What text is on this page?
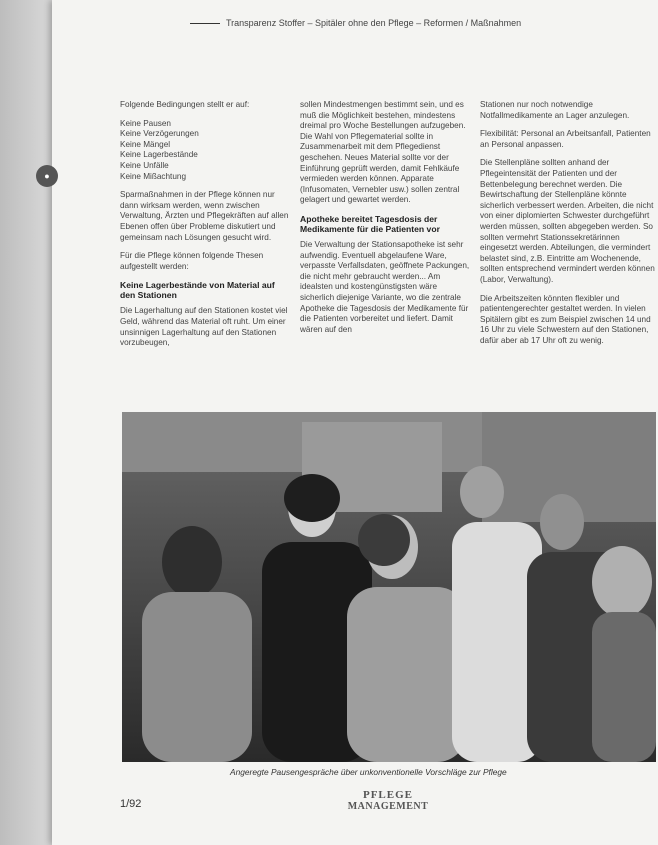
Transparenz Stoffer – Spitäler ohne den Pflege – Reformen / Maßnahmen
●

Folgende Bedingungen stellt er auf:

Keine Pausen
Keine Verzögerungen
Keine Mängel
Keine Lagerbestände
Keine Unfälle
Keine Mißachtung

Sparmaßnahmen in der Pflege können nur dann wirksam werden, wenn zwischen Verwaltung, Ärzten und Pflegekräften auf allen Ebenen offen über Probleme diskutiert und gemeinsam nach Lösungen gesucht wird.

Für die Pflege können folgende Thesen aufgestellt werden:

Keine Lagerbestände von Material auf den Stationen

Die Lagerhaltung auf den Stationen kostet viel Geld, während das Material oft ruht. Um einer unsinnigen Lagerhaltung auf den Stationen vorzubeugen,

sollen Mindestmengen bestimmt sein, und es muß die Möglichkeit bestehen, mindestens dreimal pro Woche Bestellungen aufzugeben. Die Wahl von Pflegematerial sollte in Zusammenarbeit mit dem Pflegedienst geschehen. Neues Material sollte vor der Einführung geprüft werden, damit Fehlkäufe vermieden werden können. Apparate (Infusomaten, Vernebler usw.) sollen zentral gelagert und gewartet werden.

Apotheke bereitet Tagesdosis der Medikamente für die Patienten vor

Die Verwaltung der Stationsapotheke ist sehr aufwendig. Eventuell abgelaufene Ware, verpasste Verfallsdaten, geöffnete Packungen, die nicht mehr gebraucht werden... Am idealsten und kostengünstigsten wäre sicherlich diejenige Variante, wo die zentrale Apotheke die Tagesdosis der Medikamente für die Patienten vorbereitet und liefert. Damit wären auf den

Stationen nur noch notwendige Notfallmedikamente an Lager anzulegen.

Flexibilität: Personal an Arbeitsanfall, Patienten an Personal anpassen.

Die Stellenpläne sollten anhand der Pflegeintensität der Patienten und der Bettenbelegung berechnet werden. Die Bewirtschaftung der Stellenpläne könnte sicherlich verbessert werden. Arbeiten, die nicht von einer diplomierten Schwester durchgeführt werden müssen, sollten abgegeben werden. So sollten vermehrt Stationssekretärinnen eingesetzt werden. Abteilungen, die vermindert belastet sind, z.B. Eintritte am Wochenende, sollten entsprechend vermindert werden können (Labor, Verwaltung).

Die Arbeitszeiten könnten flexibler und patientengerechter gestaltet werden. In vielen Spitälern gibt es zum Beispiel zwischen 14 und 16 Uhr zu viele Schwestern auf den Stationen, dafür aber ab 17 Uhr oft zu wenig.

Angeregte Pausengespräche über unkonventionelle Vorschläge zur Pflege
1/92
PFLEGE
MANAGEMENT
